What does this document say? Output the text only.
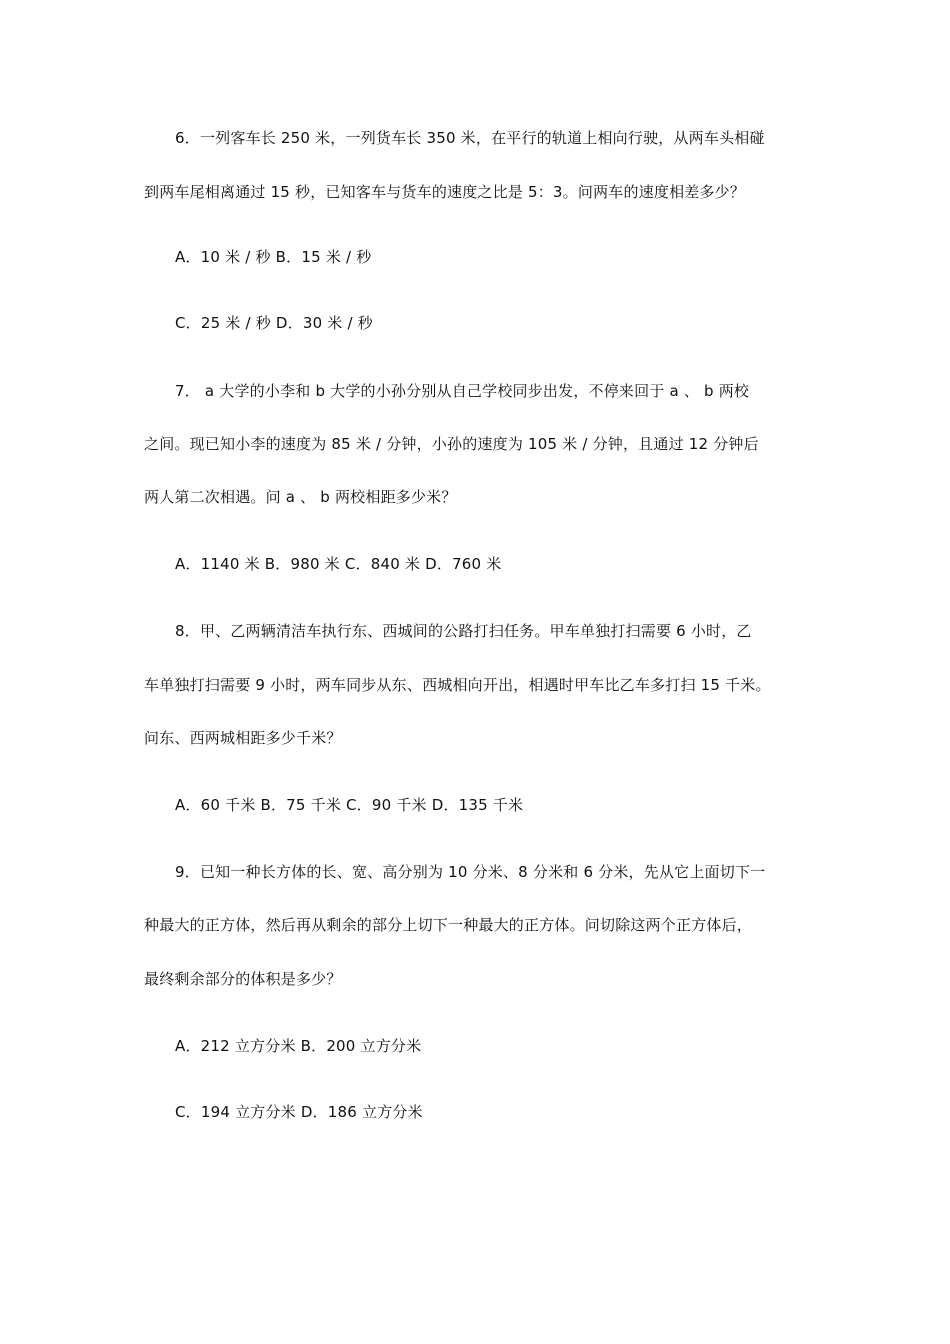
6．一列客车长 250 米，一列货车长 350 米，在平行的轨道上相向行驶，从两车头相碰
到两车尾相离通过 15 秒，已知客车与货车的速度之比是 5：3。问两车的速度相差多少？
A．10 米 / 秒 B．15 米 / 秒
C．25 米 / 秒 D．30 米 / 秒
7． a 大学的小李和 b 大学的小孙分别从自己学校同步出发，不停来回于 a 、 b 两校
之间。现已知小李的速度为 85 米 / 分钟，小孙的速度为 105 米 / 分钟，且通过 12 分钟后
两人第二次相遇。问 a 、 b 两校相距多少米？
A．1140 米 B．980 米 C．840 米 D．760 米
8．甲、乙两辆清洁车执行东、西城间的公路打扫任务。甲车单独打扫需要 6 小时，乙
车单独打扫需要 9 小时，两车同步从东、西城相向开出，相遇时甲车比乙车多打扫 15 千米。
问东、西两城相距多少千米？
A．60 千米 B．75 千米 C．90 千米 D．135 千米
9．已知一种长方体的长、宽、高分别为 10 分米、8 分米和 6 分米，先从它上面切下一
种最大的正方体，然后再从剩余的部分上切下一种最大的正方体。问切除这两个正方体后，
最终剩余部分的体积是多少？
A．212 立方分米 B．200 立方分米
C．194 立方分米 D．186 立方分米
